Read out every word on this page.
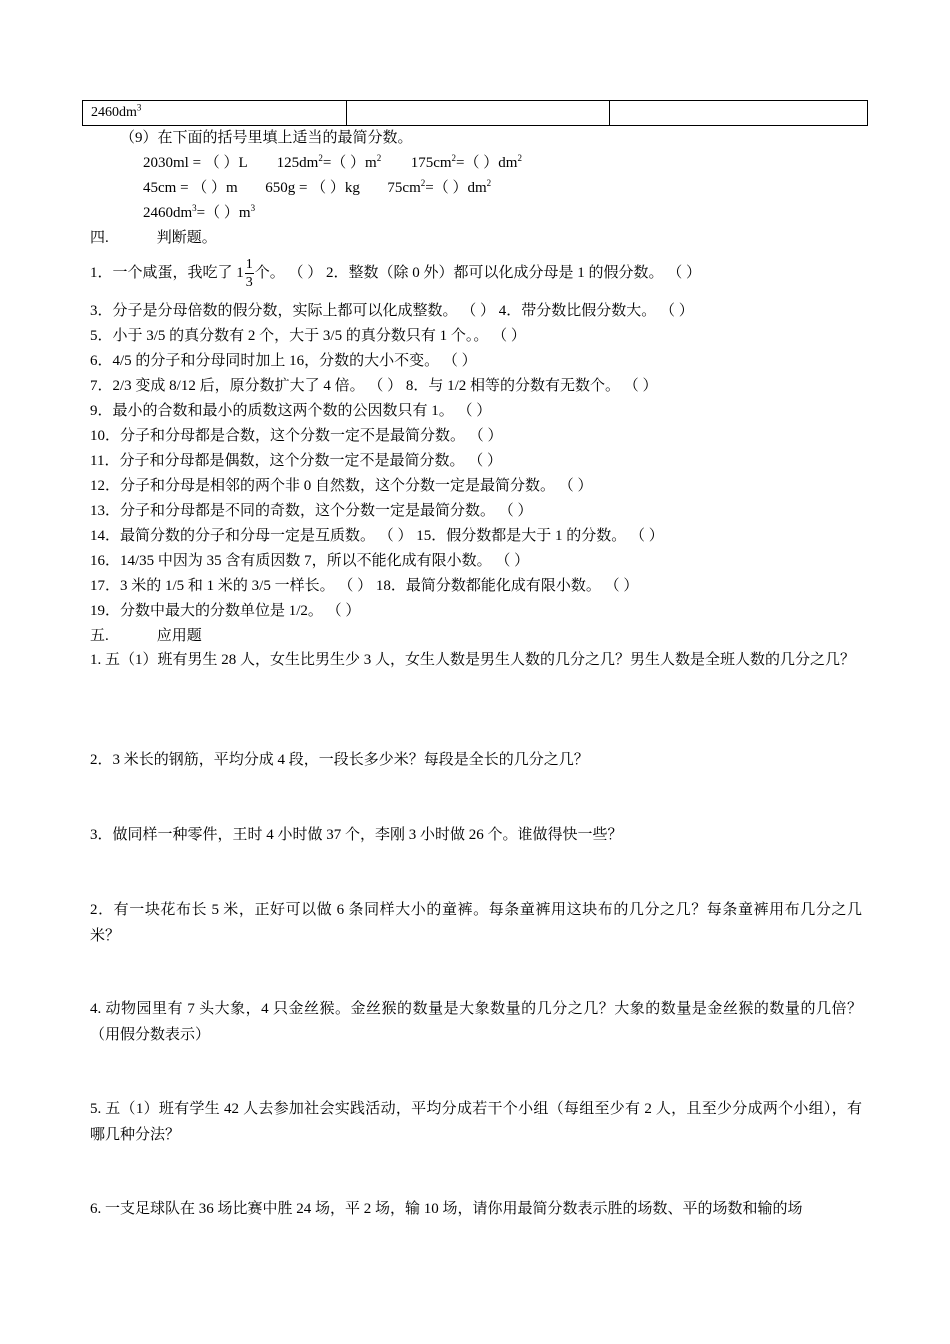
$2460dm^3$		
（9）在下面的括号里填上适当的最简分数。
2030ml = （ ）L $125dm^2=$（ ）$m^2$ $175cm^2=$（ ）$dm^2$
45cm = （ ）m 650g = （ ）kg $75cm^2=$（ ）$dm^2$
$2460dm^3=$（ ）$m^3$
四.	判断题。
1．一个咸蛋，我吃了 $1 \frac{1}{3}$ 个。 （ ） 2．整数（除 0 外）都可以化成分母是 1 的假分数。 （ ）
3．分子是分母倍数的假分数，实际上都可以化成整数。 （ ） 4．带分数比假分数大。 （ ）
5．小于 3/5 的真分数有 2 个，大于 3/5 的真分数只有 1 个。。 （ ）
6．4/5 的分子和分母同时加上 16，分数的大小不变。 （ ）
7．2/3 变成 8/12 后，原分数扩大了 4 倍。 （ ） 8．与 1/2 相等的分数有无数个。 （ ）
9．最小的合数和最小的质数这两个数的公因数只有 1。 （ ）
10．分子和分母都是合数，这个分数一定不是最简分数。 （ ）
11．分子和分母都是偶数，这个分数一定不是最简分数。 （ ）
12．分子和分母是相邻的两个非 0 自然数，这个分数一定是最简分数。 （ ）
13．分子和分母都是不同的奇数，这个分数一定是最简分数。 （ ）
14．最简分数的分子和分母一定是互质数。 （ ） 15．假分数都是大于 1 的分数。 （ ）
16．14/35 中因为 35 含有质因数 7，所以不能化成有限小数。 （ ）
17．3 米的 1/5 和 1 米的 3/5 一样长。 （ ） 18．最简分数都能化成有限小数。 （ ）
19．分数中最大的分数单位是 1/2。 （ ）
五.	应用题
1. 五（1）班有男生 28 人，女生比男生少 3 人，女生人数是男生人数的几分之几？男生人数是全班人数的几分之几？
2．3 米长的钢筋，平均分成 4 段，一段长多少米？每段是全长的几分之几？
3．做同样一种零件，王时 4 小时做 37 个，李刚 3 小时做 26 个。谁做得快一些？
2．有一块花布长 5 米，正好可以做 6 条同样大小的童裤。每条童裤用这块布的几分之几？每条童裤用布几分之几米？
4. 动物园里有 7 头大象，4 只金丝猴。金丝猴的数量是大象数量的几分之几？大象的数量是金丝猴的数量的几倍？（用假分数表示）
5. 五（1）班有学生 42 人去参加社会实践活动，平均分成若干个小组（每组至少有 2 人，且至少分成两个小组），有哪几种分法？
6. 一支足球队在 36 场比赛中胜 24 场，平 2 场，输 10 场，请你用最简分数表示胜的场数、平的场数和输的场
